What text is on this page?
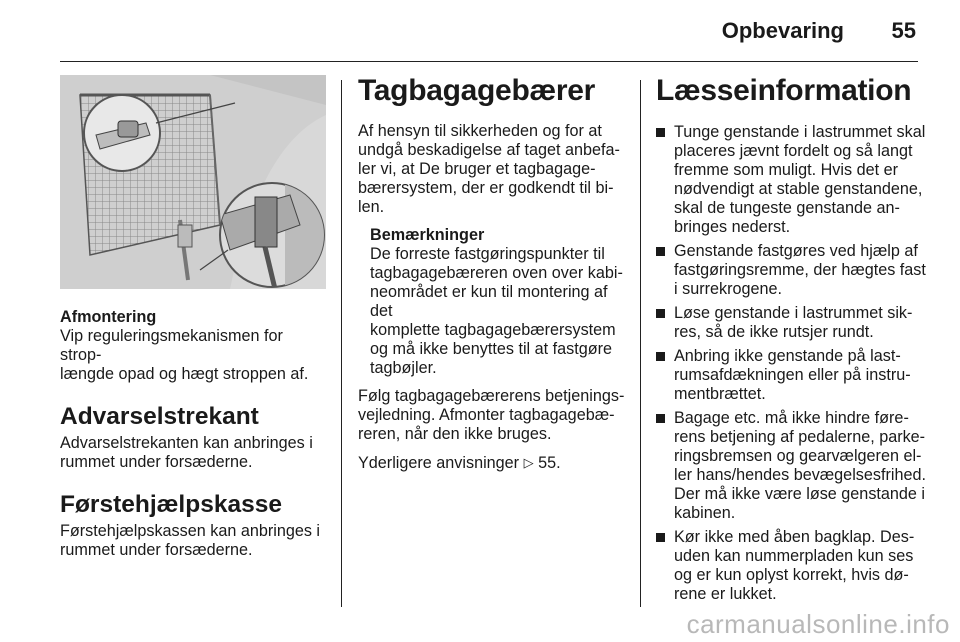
Opbevaring 55
Afmontering

Vip reguleringsmekanismen for strop-
længde opad og hægt stroppen af.

Advarselstrekant

Advarselstrekanten kan anbringes i
rummet under forsæderne.

Førstehjælpskasse

Førstehjælpskassen kan anbringes i
rummet under forsæderne.

Tagbagagebærer

Af hensyn til sikkerheden og for at
undgå beskadigelse af taget anbefa-
ler vi, at De bruger et tagbagage-
bærersystem, der er godkendt til bi-
len.

Bemærkninger

De forreste fastgøringspunkter til
tagbagagebæreren oven over kabi-
neområdet er kun til montering af det
komplette tagbagagebærersystem
og må ikke benyttes til at fastgøre
tagbøjler.

Følg tagbagagebærerens betjenings-
vejledning. Afmonter tagbagagebæ-
reren, når den ikke bruges.

Yderligere anvisninger ▷ 55.

Læsseinformation
Tunge genstande i lastrummet skal
placeres jævnt fordelt og så langt
fremme som muligt. Hvis det er
nødvendigt at stable genstandene,
skal de tungeste genstande an-
bringes nederst.
Genstande fastgøres ved hjælp af
fastgøringsremme, der hægtes fast
i surrekrogene.
Løse genstande i lastrummet sik-
res, så de ikke rutsjer rundt.
Anbring ikke genstande på last-
rumsafdækningen eller på instru-
mentbrættet.
Bagage etc. må ikke hindre føre-
rens betjening af pedalerne, parke-
ringsbremsen og gearvælgeren el-
ler hans/hendes bevægelsesfrihed.
Der må ikke være løse genstande i
kabinen.
Kør ikke med åben bagklap. Des-
uden kan nummerpladen kun ses
og er kun oplyst korrekt, hvis dø-
rene er lukket.
carmanualsonline.info
